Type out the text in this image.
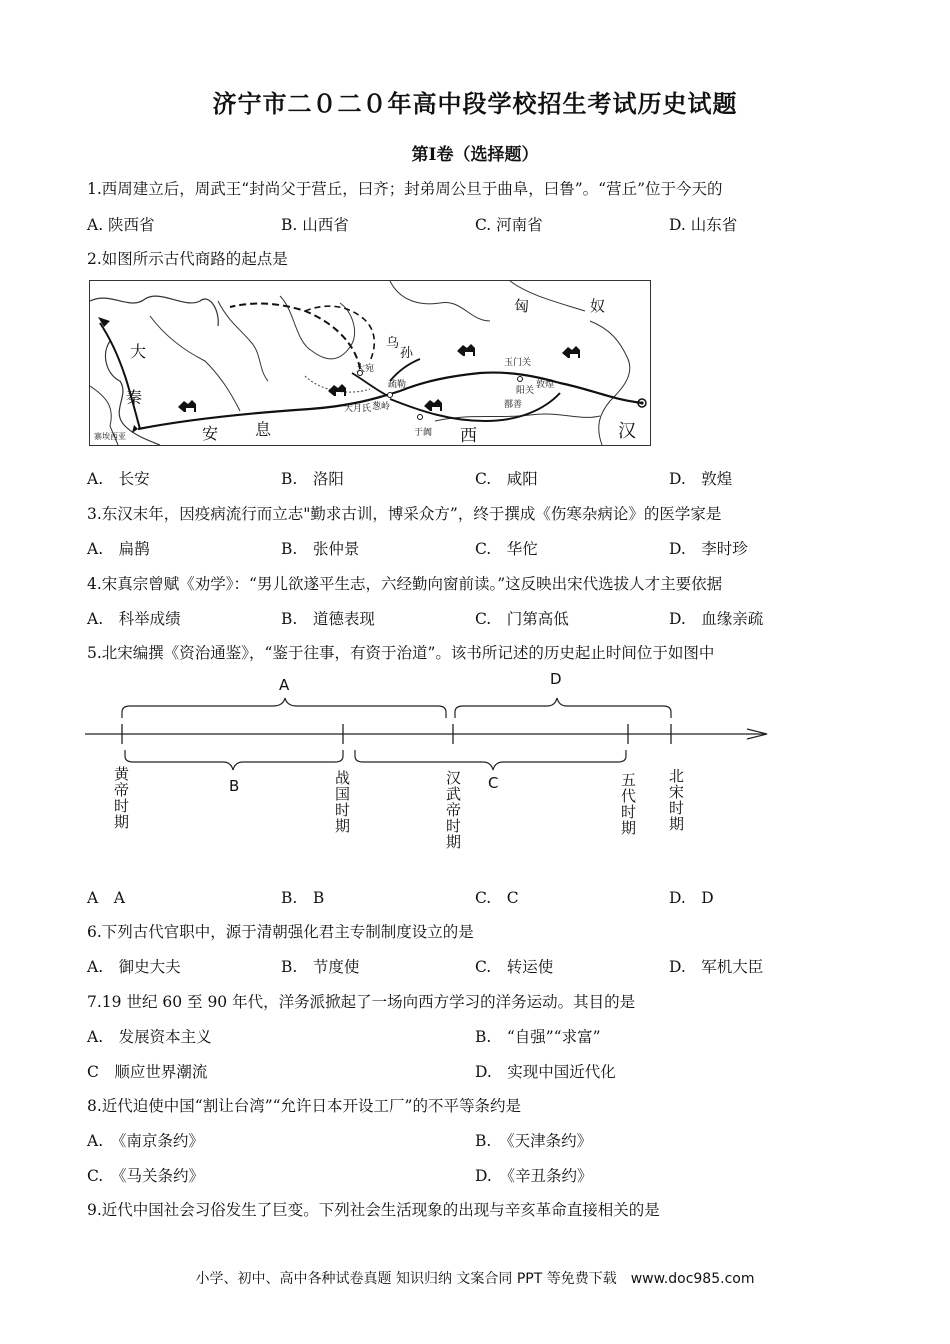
济宁市二０二０年高中段学校招生考试历史试题
第Ⅰ卷（选择题）
1.西周建立后，周武王“封尚父于营丘，曰齐；封弟周公旦于曲阜，曰鲁”。“营丘”位于今天的
A. 陕西省	B. 山西省	C. 河南省	D. 山东省
2.如图所示古代商路的起点是
匈	奴
大
秦
安 息	西	汉
乌
孙
大宛
疏勒
大月氏 葱岭
于阗
鄯善
玉门关
阳关
敦煌
寨埃西亚
A.　长安	B.　洛阳	C.　咸阳	D.　敦煌
3.东汉末年，因疫病流行而立志"勤求古训，博采众方”，终于撰成《伤寒杂病论》的医学家是
A.　扁鹊	B.　张仲景	C.　华佗	D.　李时珍
4.宋真宗曾赋《劝学》：“男儿欲遂平生志，六经勤向窗前读。”这反映出宋代选拔人才主要依据
A.　科举成绩	B.　道德表现	C.　门第高低	D.　血缘亲疏
5.北宋编撰《资治通鉴》，“鉴于往事，有资于治道”。该书所记述的历史起止时间位于如图中
A
B	C
D
黄帝时期	战国时期	汉武帝时期	五代时期 北宋时期
A　A	B.　B	C.　C	D.　D
6.下列古代官职中，源于清朝强化君主专制制度设立的是
A.　御史大夫	B.　节度使	C.　转运使	D.　军机大臣
7.19 世纪 60 至 90 年代，洋务派掀起了一场向西方学习的洋务运动。其目的是
A.　发展资本主义	B.　“自强”“求富”
C　顺应世界潮流	D.　实现中国近代化
8.近代迫使中国“割让台湾”“允许日本开设工厂”的不平等条约是
A.　《南京条约》	B.　《天津条约》
C.　《马关条约》	D.　《辛丑条约》
9.近代中国社会习俗发生了巨变。下列社会生活现象的出现与辛亥革命直接相关的是
小学、初中、高中各种试卷真题 知识归纳 文案合同 PPT 等免费下载　www.doc985.com
